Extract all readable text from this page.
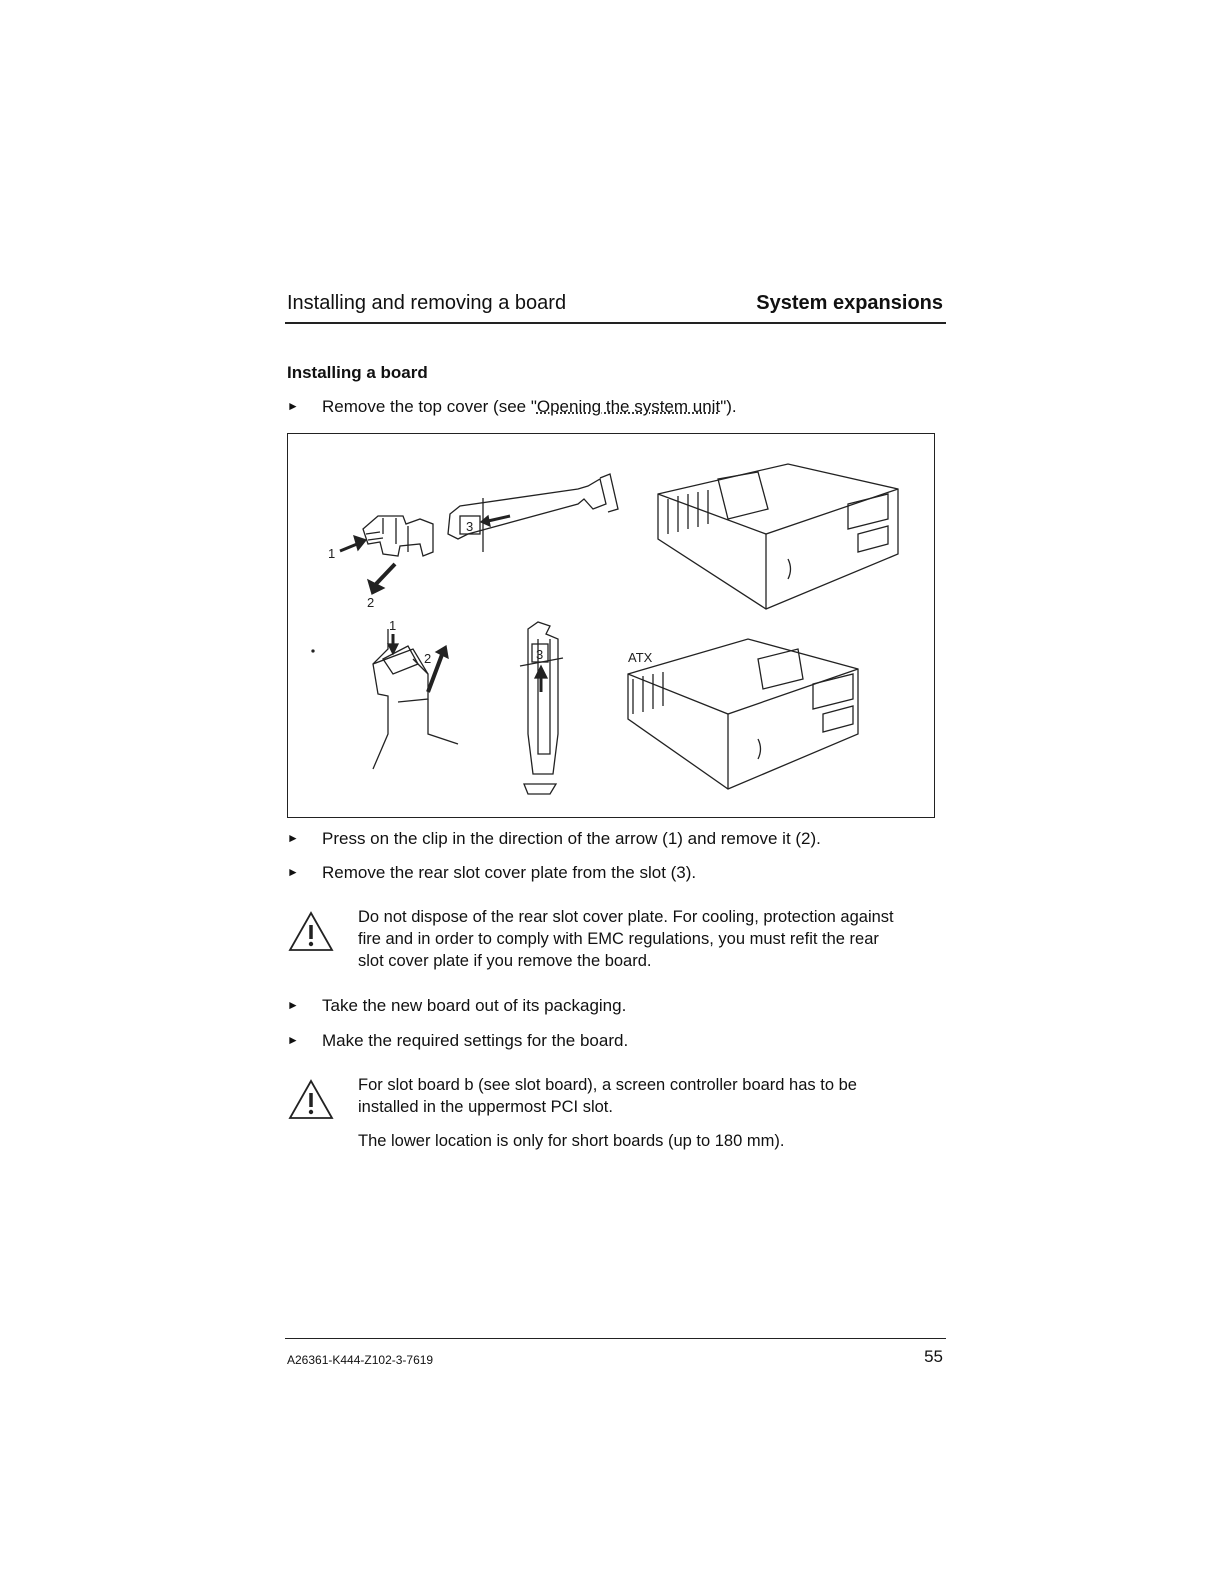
Installing and removing a board	System expansions
Installing a board
► Remove the top cover (see "Opening the system unit").
1
2
3
1
2	3	ATX
► Press on the clip in the direction of the arrow (1) and remove it (2).
► Remove the rear slot cover plate from the slot (3).

Do not dispose of the rear slot cover plate. For cooling, protection against

fire and in order to comply with EMC regulations, you must refit the rear

slot cover plate if you remove the board.

► Take the new board out of its packaging.
► Make the required settings for the board.

For slot board b (see slot board), a screen controller board has to be

installed in the uppermost PCI slot.

The lower location is only for short boards (up to 180 mm).

A26361-K444-Z102-3-7619	55
